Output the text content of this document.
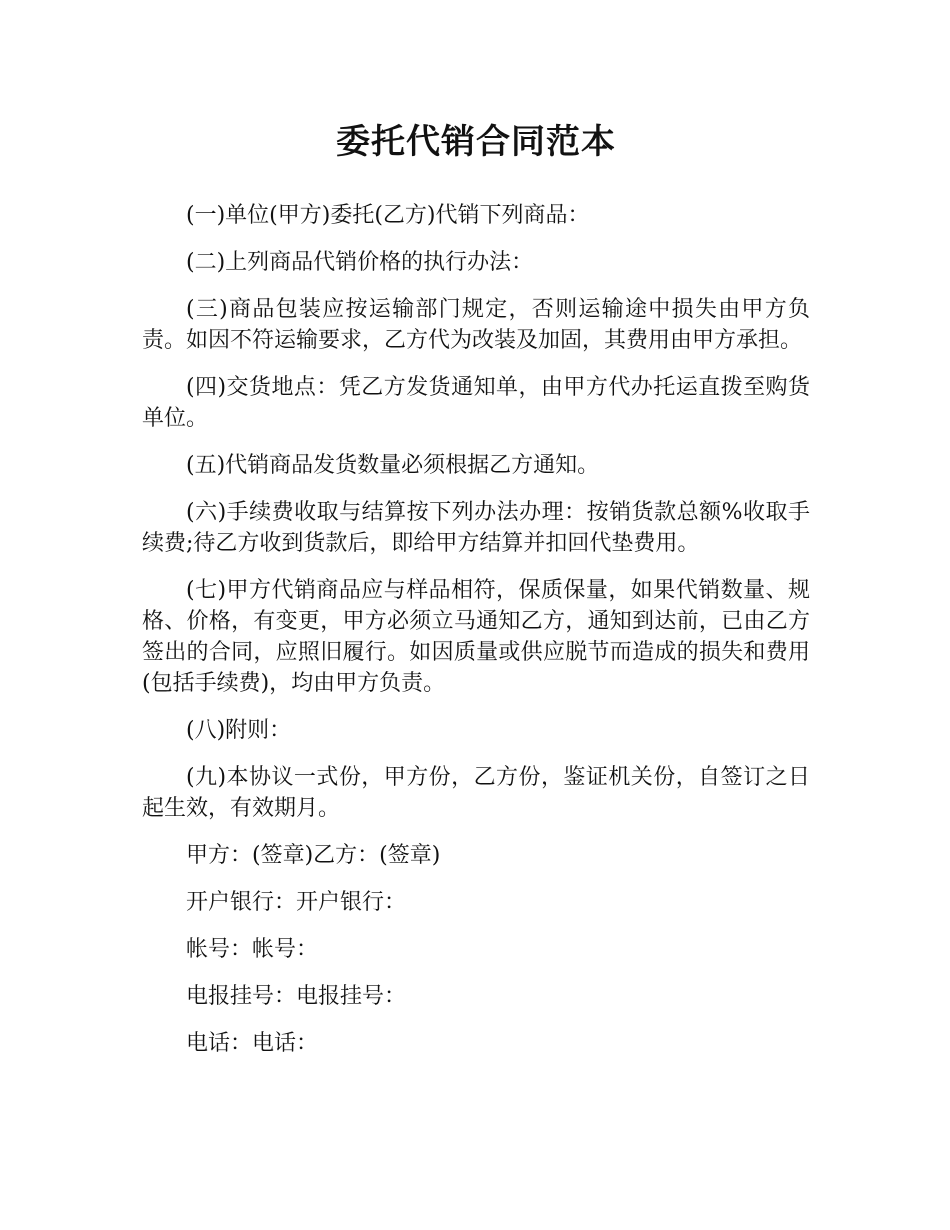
委托代销合同范本

(一)单位(甲方)委托(乙方)代销下列商品：

(二)上列商品代销价格的执行办法：

(三)商品包装应按运输部门规定，否则运输途中损失由甲方负责。如因不符运输要求，乙方代为改装及加固，其费用由甲方承担。

(四)交货地点：凭乙方发货通知单，由甲方代办托运直拨至购货单位。

(五)代销商品发货数量必须根据乙方通知。

(六)手续费收取与结算按下列办法办理：按销货款总额%收取手续费;待乙方收到货款后，即给甲方结算并扣回代垫费用。

(七)甲方代销商品应与样品相符，保质保量，如果代销数量、规格、价格，有变更，甲方必须立马通知乙方，通知到达前，已由乙方签出的合同，应照旧履行。如因质量或供应脱节而造成的损失和费用(包括手续费)，均由甲方负责。

(八)附则：

(九)本协议一式份，甲方份，乙方份，鉴证机关份，自签订之日起生效，有效期月。

甲方：(签章)乙方：(签章)

开户银行：开户银行：

帐号：帐号：

电报挂号：电报挂号：

电话：电话：
